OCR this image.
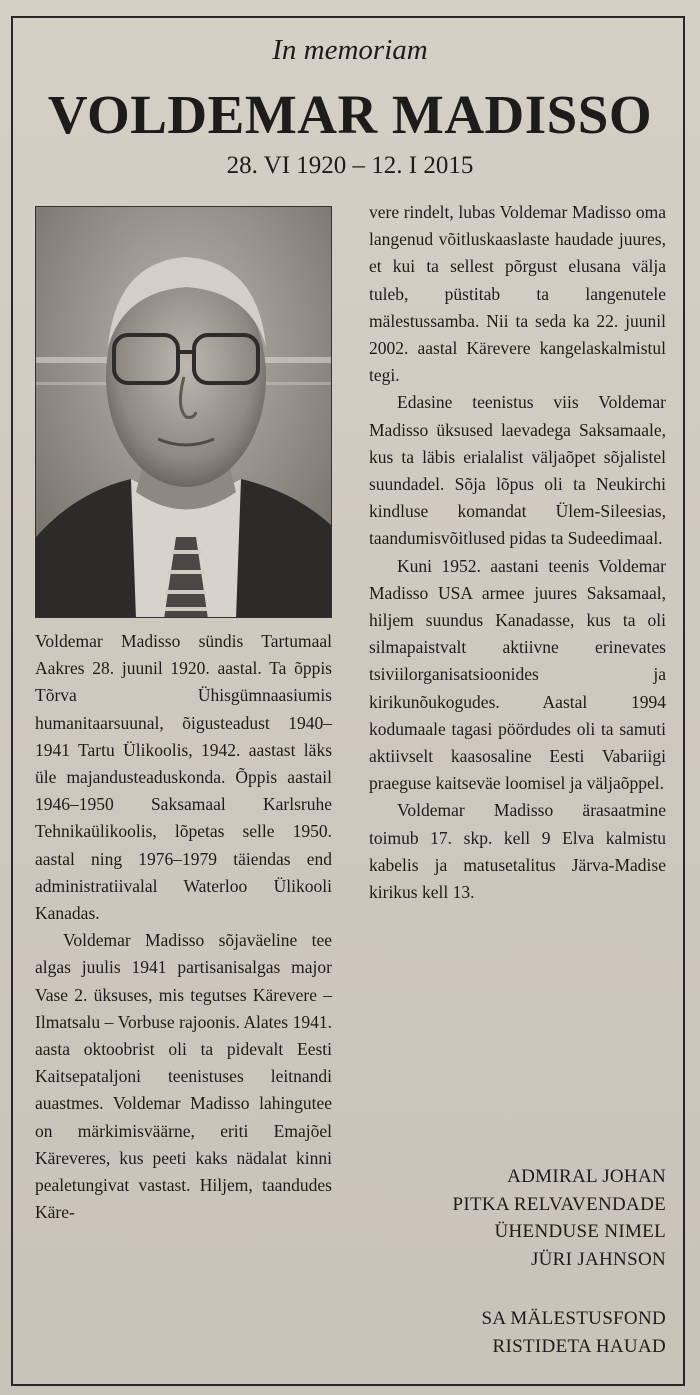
In memoriam
VOLDEMAR MADISSO
28. VI 1920 – 12. I 2015

Voldemar Madisso sündis Tartumaal Aakres 28. juunil 1920. aastal. Ta õppis Tõrva Ühisgümnaasiumis humanitaarsuunal, õigusteadust 1940–1941 Tartu Ülikoolis, 1942. aastast läks üle majandusteaduskonda. Õppis aastail 1946–1950 Saksamaal Karlsruhe Tehnikaülikoolis, lõpetas selle 1950. aastal ning 1976–1979 täiendas end administratiivalal Waterloo Ülikooli Kanadas.

Voldemar Madisso sõjaväeline tee algas juulis 1941 partisanisalgas major Vase 2. üksuses, mis tegutses Kärevere – Ilmatsalu – Vorbuse rajoonis. Alates 1941. aasta oktoobrist oli ta pidevalt Eesti Kaitsepataljoni teenistuses leitnandi auastmes. Voldemar Madisso lahingutee on märkimisväärne, eriti Emajõel Käreveres, kus peeti kaks nädalat kinni pealetungivat vastast. Hiljem, taandudes Käre-

vere rindelt, lubas Voldemar Madisso oma langenud võitluskaaslaste haudade juures, et kui ta sellest põrgust elusana välja tuleb, püstitab ta langenutele mälestussamba. Nii ta seda ka 22. juunil 2002. aastal Kärevere kangelaskalmistul tegi.

Edasine teenistus viis Voldemar Madisso üksused laevadega Saksamaale, kus ta läbis erialalist väljaõpet sõjalistel suundadel. Sõja lõpus oli ta Neukirchi kindluse komandat Ülem-Sileesias, taandumisvõitlused pidas ta Sudeedimaal.

Kuni 1952. aastani teenis Voldemar Madisso USA armee juures Saksamaal, hiljem suundus Kanadasse, kus ta oli silmapaistvalt aktiivne erinevates tsiviilorganisatsioonides ja kirikunõukogudes. Aastal 1994 kodumaale tagasi pöördudes oli ta samuti aktiivselt kaasosaline Eesti Vabariigi praeguse kaitseväe loomisel ja väljaõppel.

Voldemar Madisso ärasaatmine toimub 17. skp. kell 9 Elva kalmistu kabelis ja matusetalitus Järva-Madise kirikus kell 13.

ADMIRAL JOHAN
PITKA RELVAVENDADE
ÜHENDUSE NIMEL
JÜRI JAHNSON
SA MÄLESTUSFOND
RISTIDETA HAUAD
